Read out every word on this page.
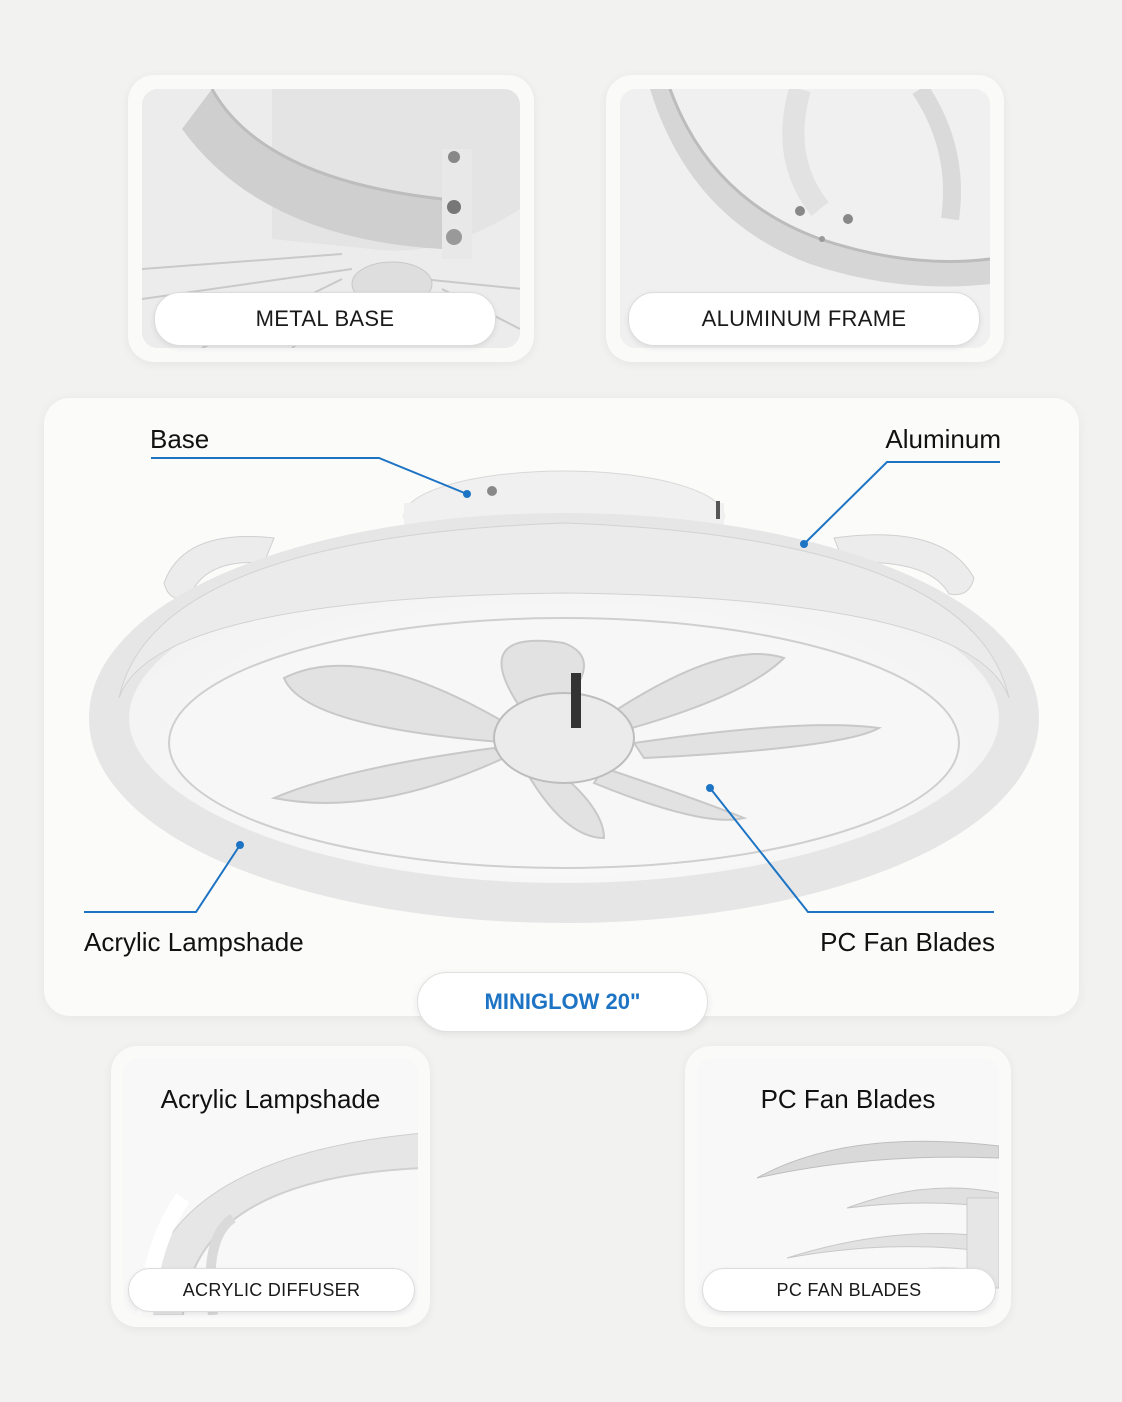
METAL BASE	ALUMINUM FRAME
Base	Aluminum
Acrylic Lampshade	PC Fan Blades
MINIGLOW 20"
Acrylic Lampshade
ACRYLIC DIFFUSER
PC Fan Blades
PC FAN BLADES
